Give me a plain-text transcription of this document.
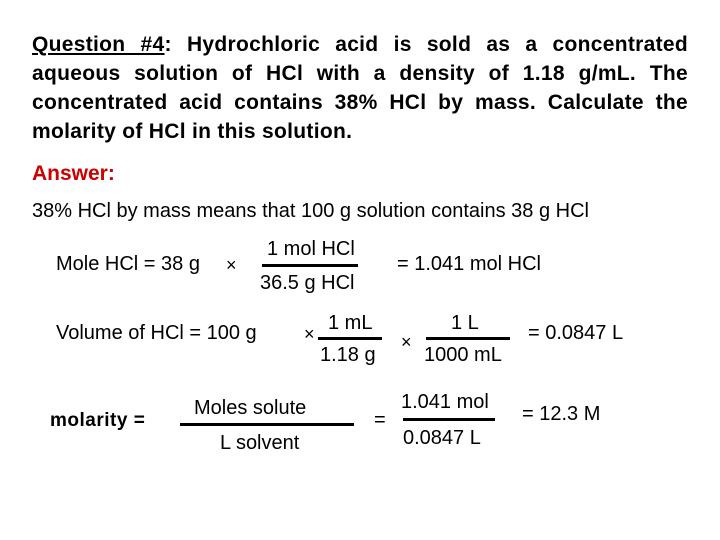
Question #4: Hydrochloric acid is sold as a concentrated aqueous solution of HCl with a density of 1.18 g/mL. The concentrated acid contains 38% HCl by mass. Calculate the molarity of HCl in this solution.
Answer:
38% HCl by mass means that 100 g solution contains 38 g HCl
Mole HCl = 38 g ×
1 mol HCl
36.5 g HCl
= 1.041 mol HCl
Volume of HCl = 100 g	× 1 mL
1.18 g
×
1 L
1000 mL
= 0.0847 L
molarity =
Moles solute
L solvent
=
1.041 mol
0.0847 L
= 12.3 M
